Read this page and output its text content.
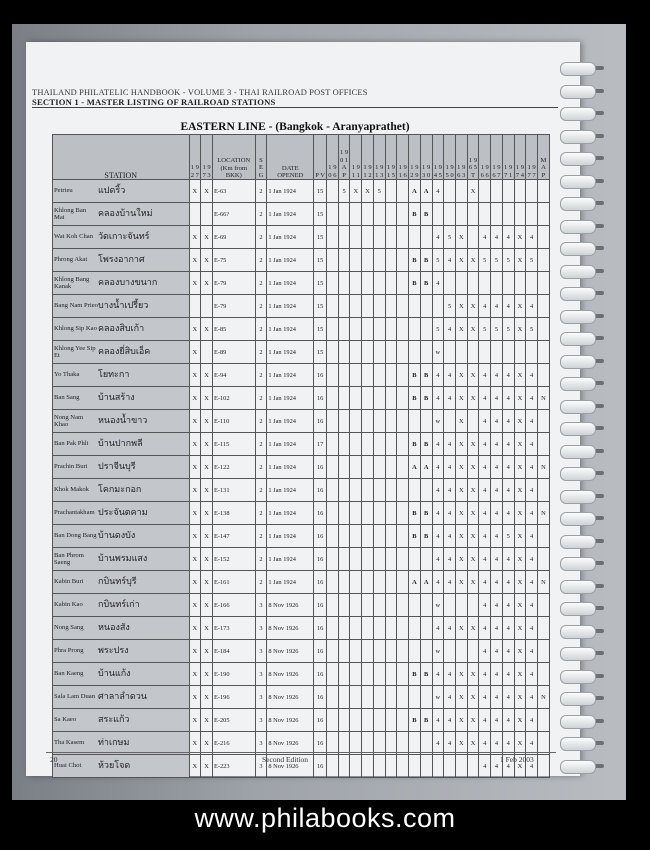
THAILAND PHILATELIC HANDBOOK - VOLUME 3 - THAI RAILROAD POST OFFICES
SECTION 1 - MASTER LISTING OF RAILROAD STATIONS
EASTERN LINE - (Bangkok - Aranyaprathet)
STATION	1 9 2 7	1 9 7 3	LOCATION (Km from BKK)	S E G	DATE OPENED	P V	1 9 0 6	1 9 0 1 A P	1 9 1 1	1 9 1 2	1 9 1 3	1 9 1 5	1 9 1 6	1 9 2 9	1 9 3 0	1 9 4 5	1 9 5 0	1 9 6 3	1 9 6 5 T	1 9 6 6	1 9 6 7	1 9 7 1	1 9 7 4	1 9 7 7	M A P
Petrieu แปดริ้ว	X	X	E-63	2	1 Jan 1924	15		5	X	X	5			A	A	4			X						
Khlong Ban Mai คลองบ้านใหม่			E-66?	2	1 Jan 1924	15								B	B										
Wat Koh Chan วัดเกาะจันทร์	X	X	E-69	2	1 Jan 1924	15										4	5	X		4	4	4	X	4	
Phrong Akat โพรงอากาศ	X	X	E-75	2	1 Jan 1924	15								B	B	5	4	X	X	5	5	5	X	5	
Khlong Bang Kanak คลองบางขนาก	X	X	E-79	2	1 Jan 1924	15								B	B	4									
Bang Nam Prieoบางน้ำเปรี้ยว			E-79	2	1 Jan 1924	15											5	X	X	4	4	4	X	4	
Khlong Sip Kaoคลองสิบเก้า	X	X	E-85	2	1 Jan 1924	15										5	4	X	X	5	5	5	X	5	
Khlong Yee Sip Et คลองยี่สิบเอ็ค	X		E-89	2	1 Jan 1924	15										w									
Yo Thaka โยทะกา	X	X	E-94	2	1 Jan 1924	16								B	B	4	4	X	X	4	4	4	X	4	
Ban Sang บ้านสร้าง	X	X	E-102	2	1 Jan 1924	16								B	B	4	4	X	X	4	4	4	X	4	N
Nong Nam Khao หนองน้ำขาว	X	X	E-110	2	1 Jan 1924	16										w		X		4	4	4	X	4	
Ban Pak Phli บ้านปากพลี	X	X	E-115	2	1 Jan 1924	17								B	B	4	4	X	X	4	4	4	X	4	
Prachin Buri ปราจีนบุรี	X	X	E-122	2	1 Jan 1924	16								A	A	4	4	X	X	4	4	4	X	4	N
Khok Makok โคกมะกอก	X	X	E-131	2	1 Jan 1924	16										4	4	X	X	4	4	4	X	4	
Prachantakham ประจันตคาม	X	X	E-138	2	1 Jan 1924	16								B	B	4	4	X	X	4	4	4	X	4	N
Ban Dong Bang บ้านดงบัง	X	X	E-147	2	1 Jan 1924	16								B	B	4	4	X	X	4	4	5	X	4	
Ban Phrom Saeng บ้านพรมแสง	X	X	E-152	2	1 Jan 1924	16										4	4	X	X	4	4	4	X	4	
Kabin Buri กบินทร์บุรี	X	X	E-161	2	1 Jan 1924	16								A	A	4	4	X	X	4	4	4	X	4	N
Kabin Kao กบินทร์เก่า	X	X	E-166	3	8 Nov 1926	16										w				4	4	4	X	4	
Nong Sang หนองสัง	X	X	E-173	3	8 Nov 1926	16										4	4	X	X	4	4	4	X	4	
Phra Prong พระปรง	X	X	E-184	3	8 Nov 1926	16										w				4	4	4	X	4	
Ban Kaeng บ้านแก้ง	X	X	E-190	3	8 Nov 1926	16								B	B	4	4	X	X	4	4	4	X	4	
Sala Lam Duan ศาลาลำดวน	X	X	E-196	3	8 Nov 1926	16										w	4	X	X	4	4	4	X	4	N
Sa Kaeo สระแก้ว	X	X	E-205	3	8 Nov 1926	16								B	B	4	4	X	X	4	4	4	X	4	
Tha Kasem ท่าเกษม	X	X	E-216	3	8 Nov 1926	16										4	4	X	X	4	4	4	X	4	
Huai Chot ห้วยโจด	X	X	E-223	3	8 Nov 1926	16														4	4	4	X	4	
20	Second Edition	1 Feb 2003
www.philabooks.com
